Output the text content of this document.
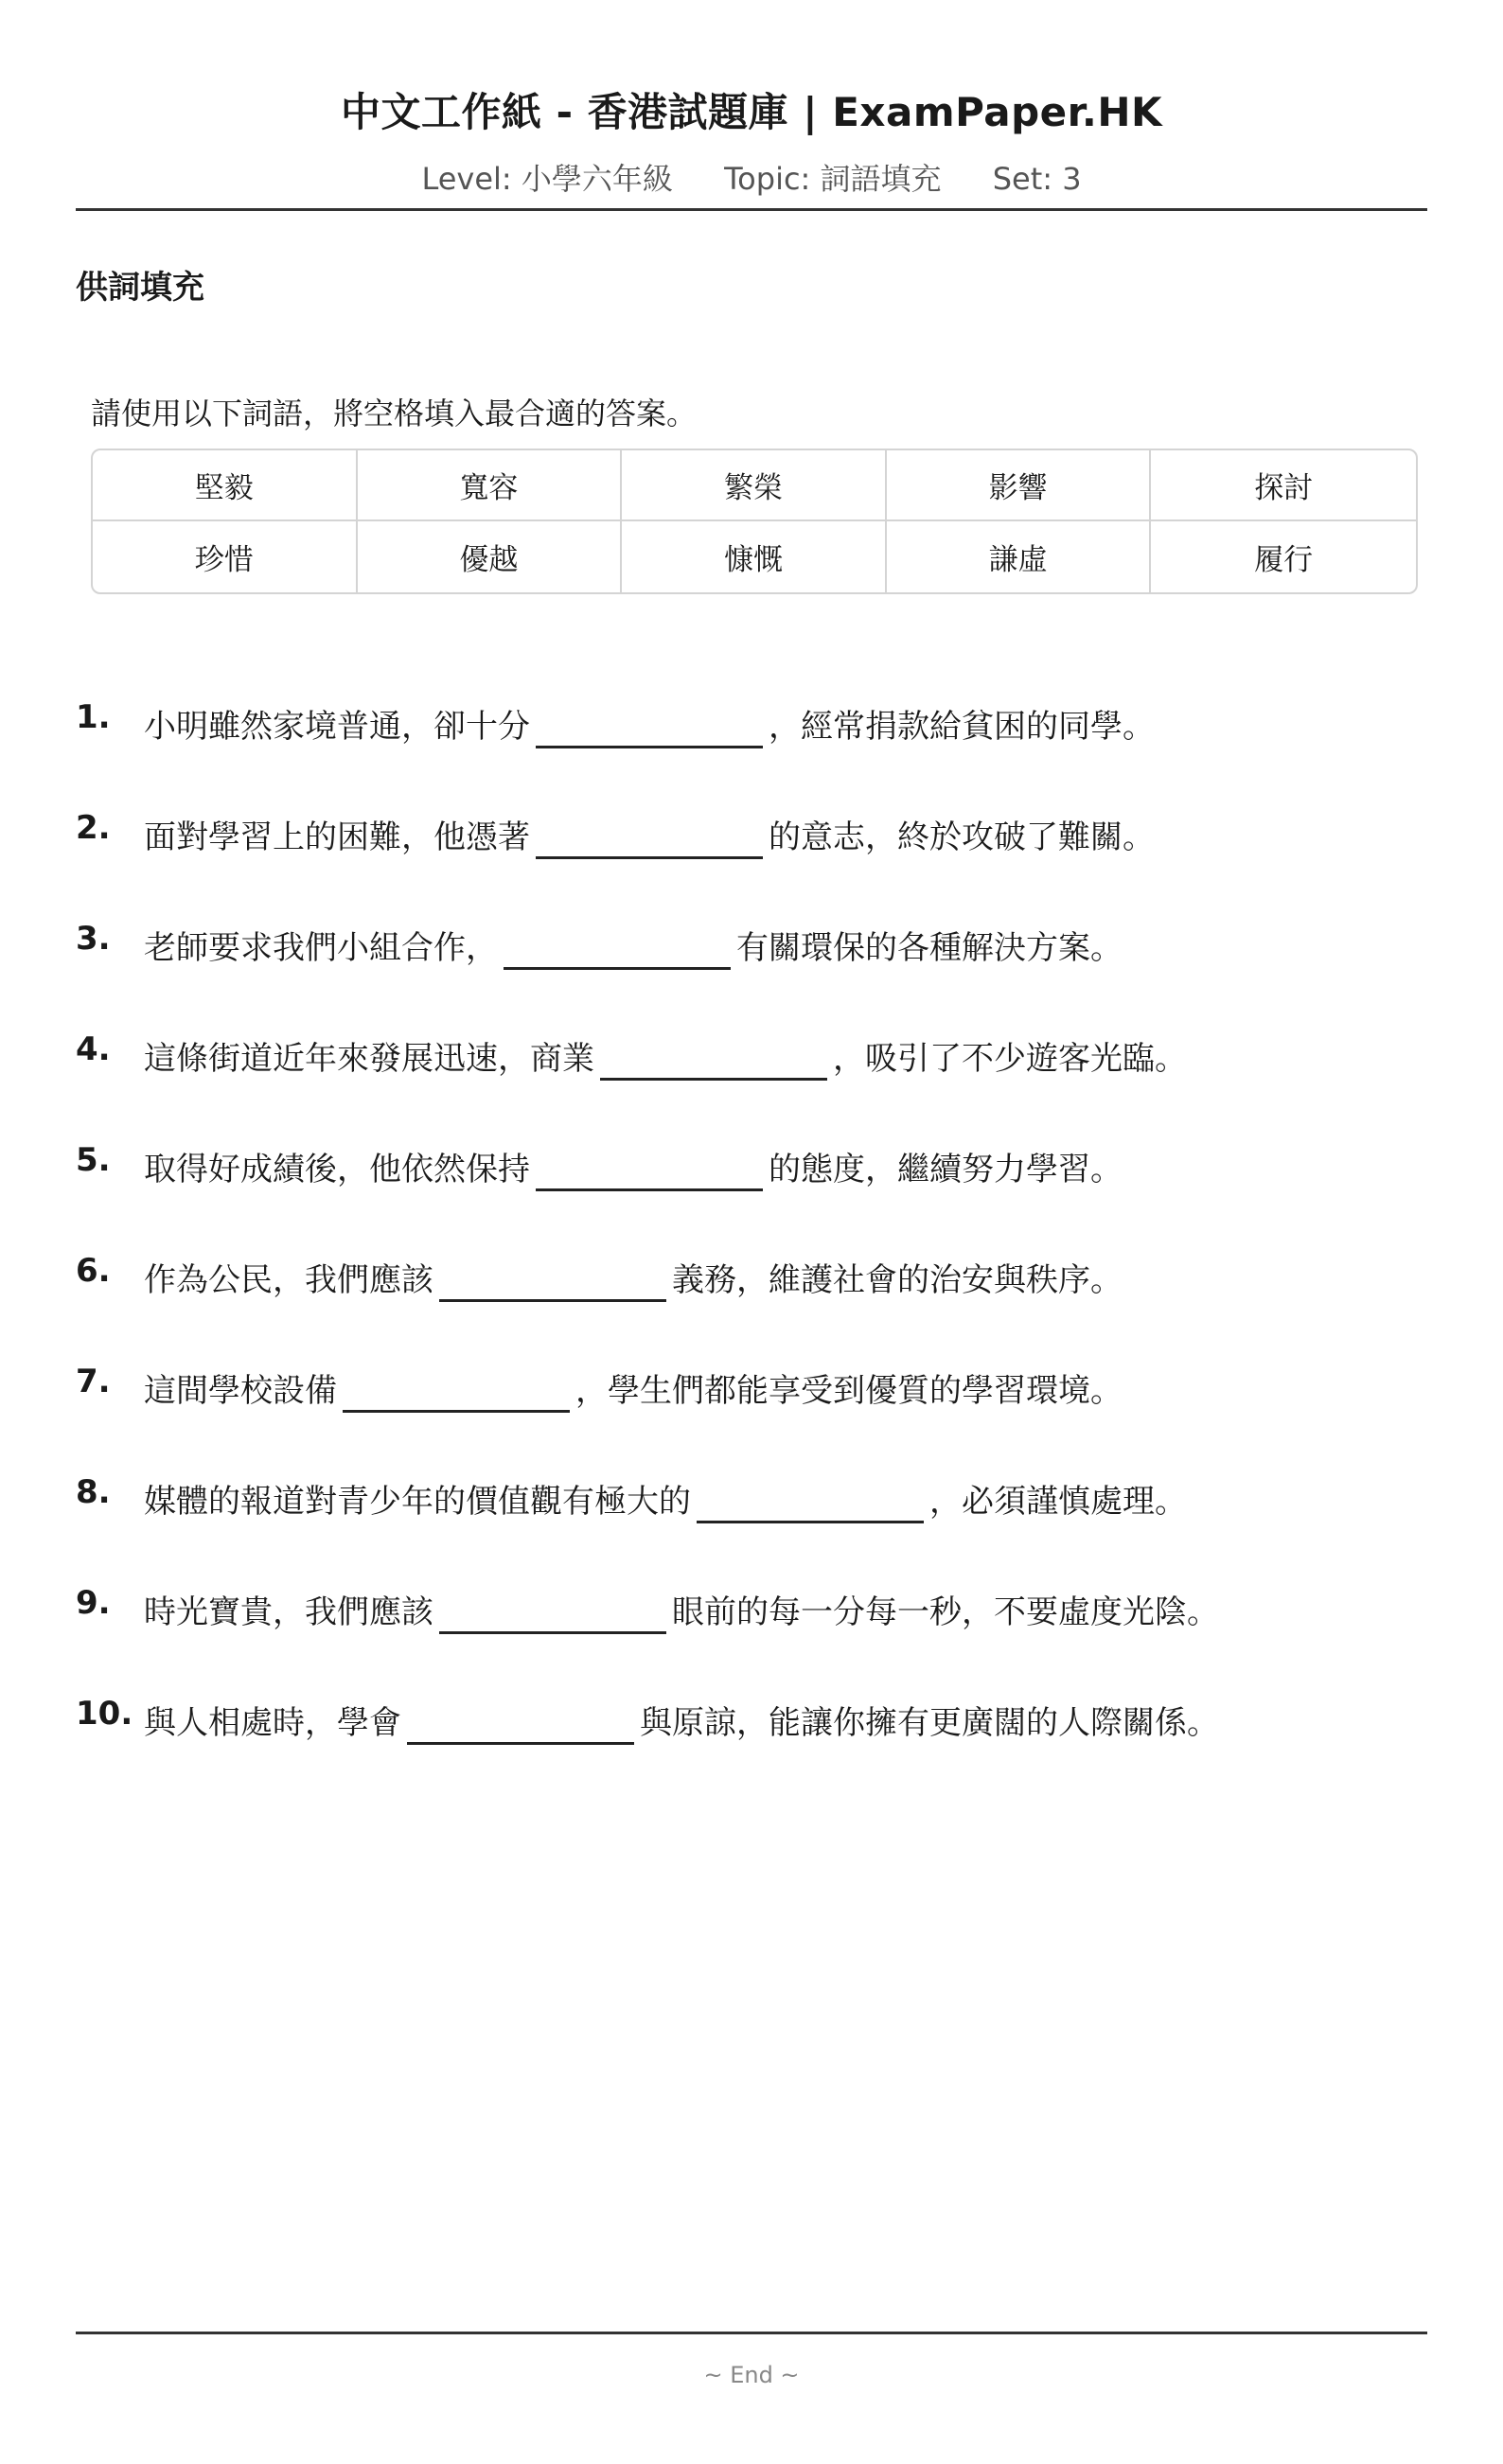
中文工作紙 - 香港試題庫 | ExamPaper.HK
Level: 小學六年級 Topic: 詞語填充 Set: 3
供詞填充
請使用以下詞語，將空格填入最合適的答案。
堅毅	寬容	繁榮	影響	探討
珍惜	優越	慷慨	謙虛	履行
1. 小明雖然家境普通，卻十分	，經常捐款給貧困的同學。
2. 面對學習上的困難，他憑著	的意志，終於攻破了難關。
3. 老師要求我們小組合作，	有關環保的各種解決方案。
4. 這條街道近年來發展迅速，商業	，吸引了不少遊客光臨。
5. 取得好成績後，他依然保持	的態度，繼續努力學習。
6. 作為公民，我們應該	義務，維護社會的治安與秩序。
7. 這間學校設備	，學生們都能享受到優質的學習環境。
8. 媒體的報道對青少年的價值觀有極大的	，必須謹慎處理。
9. 時光寶貴，我們應該	眼前的每一分每一秒，不要虛度光陰。
10. 與人相處時，學會	與原諒，能讓你擁有更廣闊的人際關係。
~ End ~
